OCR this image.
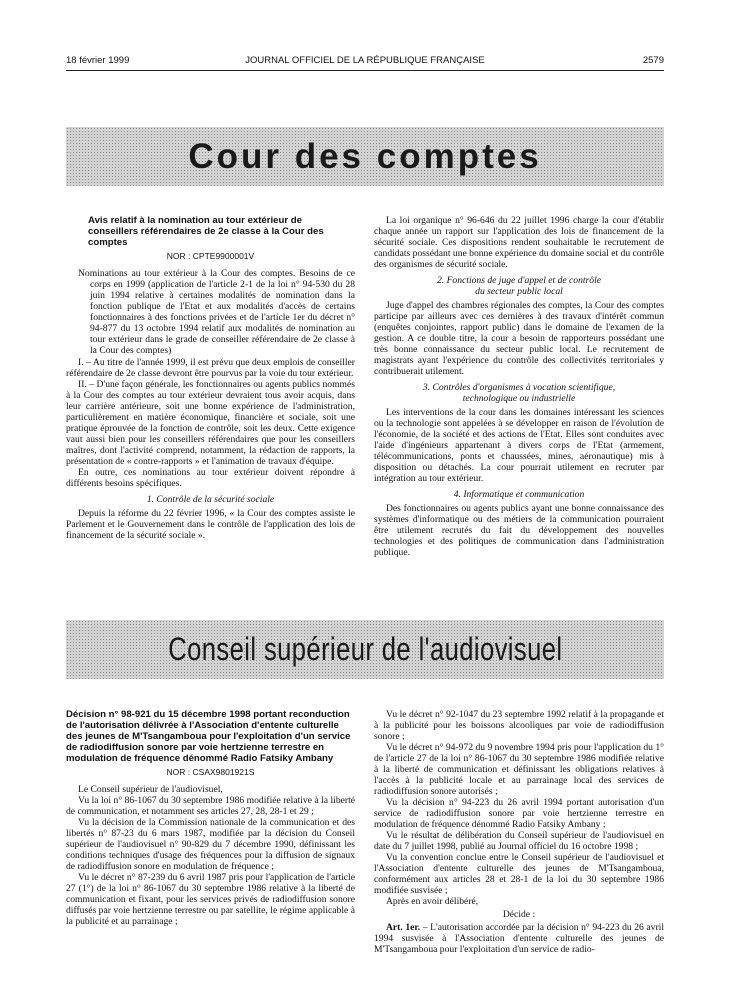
18 février 1999	JOURNAL OFFICIEL DE LA RÉPUBLIQUE FRANÇAISE	2579
Cour des comptes
Avis relatif à la nomination au tour extérieur de conseillers référendaires de 2e classe à la Cour des comptes
NOR : CPTE9900001V

Nominations au tour extérieur à la Cour des comptes. Besoins de ce corps en 1999 (application de l'article 2-1 de la loi n° 94-530 du 28 juin 1994 relative à certaines modalités de nomination dans la fonction publique de l'Etat et aux modalités d'accès de certains fonctionnaires à des fonctions privées et de l'article 1er du décret n° 94-877 du 13 octobre 1994 relatif aux modalités de nomination au tour extérieur dans le grade de conseiller référendaire de 2e classe à la Cour des comptes)

I. – Au titre de l'année 1999, il est prévu que deux emplois de conseiller référendaire de 2e classe devront être pourvus par la voie du tour extérieur.

II. – D'une façon générale, les fonctionnaires ou agents publics nommés à la Cour des comptes au tour extérieur devraient tous avoir acquis, dans leur carrière antérieure, soit une bonne expérience de l'administration, particulièrement en matière économique, financière et sociale, soit une pratique éprouvée de la fonction de contrôle, soit les deux. Cette exigence vaut aussi bien pour les conseillers référendaires que pour les conseillers maîtres, dont l'activité comprend, notamment, la rédaction de rapports, la présentation de « contre-rapports » et l'animation de travaux d'équipe.

En outre, ces nominations au tour extérieur doivent répondre à différents besoins spécifiques.

1. Contrôle de la sécurité sociale

Depuis la réforme du 22 février 1996, « la Cour des comptes assiste le Parlement et le Gouvernement dans le contrôle de l'application des lois de financement de la sécurité sociale ».

La loi organique n° 96-646 du 22 juillet 1996 charge la cour d'établir chaque année un rapport sur l'application des lois de financement de la sécurité sociale. Ces dispositions rendent souhaitable le recrutement de candidats possédant une bonne expérience du domaine social et du contrôle des organismes de sécurité sociale.

2. Fonctions de juge d'appel et de contrôle
du secteur public local

Juge d'appel des chambres régionales des comptes, la Cour des comptes participe par ailleurs avec ces dernières à des travaux d'intérêt commun (enquêtes conjointes, rapport public) dans le domaine de l'examen de la gestion. A ce double titre, la cour a besoin de rapporteurs possédant une très bonne connaissance du secteur public local. Le recrutement de magistrats ayant l'expérience du contrôle des collectivités territoriales y contribuerait utilement.

3. Contrôles d'organismes à vocation scientifique,
technologique ou industrielle

Les interventions de la cour dans les domaines intéressant les sciences ou la technologie sont appelées à se développer en raison de l'évolution de l'économie, de la société et des actions de l'Etat. Elles sont conduites avec l'aide d'ingénieurs appartenant à divers corps de l'Etat (armement, télécommunications, ponts et chaussées, mines, aéronautique) mis à disposition ou détachés. La cour pourrait utilement en recruter par intégration au tour extérieur.

4. Informatique et communication

Des fonctionnaires ou agents publics ayant une bonne connaissance des systèmes d'informatique ou des métiers de la communication pourraient être utilement recrutés du fait du développement des nouvelles technologies et des politiques de communication dans l'administration publique.

Conseil supérieur de l'audiovisuel
Décision n° 98-921 du 15 décembre 1998 portant reconduction de l'autorisation délivrée à l'Association d'entente culturelle des jeunes de M'Tsangamboua pour l'exploitation d'un service de radiodiffusion sonore par voie hertzienne terrestre en modulation de fréquence dénommé Radio Fatsiky Ambany
NOR : CSAX9801921S

Le Conseil supérieur de l'audiovisuel,

Vu la loi n° 86-1067 du 30 septembre 1986 modifiée relative à la liberté de communication, et notamment ses articles 27, 28, 28-1 et 29 ;

Vu la décision de la Commission nationale de la communication et des libertés n° 87-23 du 6 mars 1987, modifiée par la décision du Conseil supérieur de l'audiovisuel n° 90-829 du 7 décembre 1990, définissant les conditions techniques d'usage des fréquences pour la diffusion de signaux de radiodiffusion sonore en modulation de fréquence ;

Vu le décret n° 87-239 du 6 avril 1987 pris pour l'application de l'article 27 (1°) de la loi n° 86-1067 du 30 septembre 1986 relative à la liberté de communication et fixant, pour les services privés de radiodiffusion sonore diffusés par voie hertzienne terrestre ou par satellite, le régime applicable à la publicité et au parrainage ;

Vu le décret n° 92-1047 du 23 septembre 1992 relatif à la propagande et à la publicité pour les boissons alcooliques par voie de radiodiffusion sonore ;

Vu le décret n° 94-972 du 9 novembre 1994 pris pour l'application du 1° de l'article 27 de la loi n° 86-1067 du 30 septembre 1986 modifiée relative à la liberté de communication et définissant les obligations relatives à l'accès à la publicité locale et au parrainage local des services de radiodiffusion sonore autorisés ;

Vu la décision n° 94-223 du 26 avril 1994 portant autorisation d'un service de radiodiffusion sonore par voie hertzienne terrestre en modulation de fréquence dénommé Radio Fatsiky Ambany ;

Vu le résultat de délibération du Conseil supérieur de l'audiovisuel en date du 7 juillet 1998, publié au Journal officiel du 16 octobre 1998 ;

Vu la convention conclue entre le Conseil supérieur de l'audiovisuel et l'Association d'entente culturelle des jeunes de M'Tsangamboua, conformément aux articles 28 et 28-1 de la loi du 30 septembre 1986 modifiée susvisée ;

Après en avoir délibéré,

Décide :

Art. 1er. – L'autorisation accordée par la décision n° 94-223 du 26 avril 1994 susvisée à l'Association d'entente culturelle des jeunes de M'Tsangamboua pour l'exploitation d'un service de radio-
